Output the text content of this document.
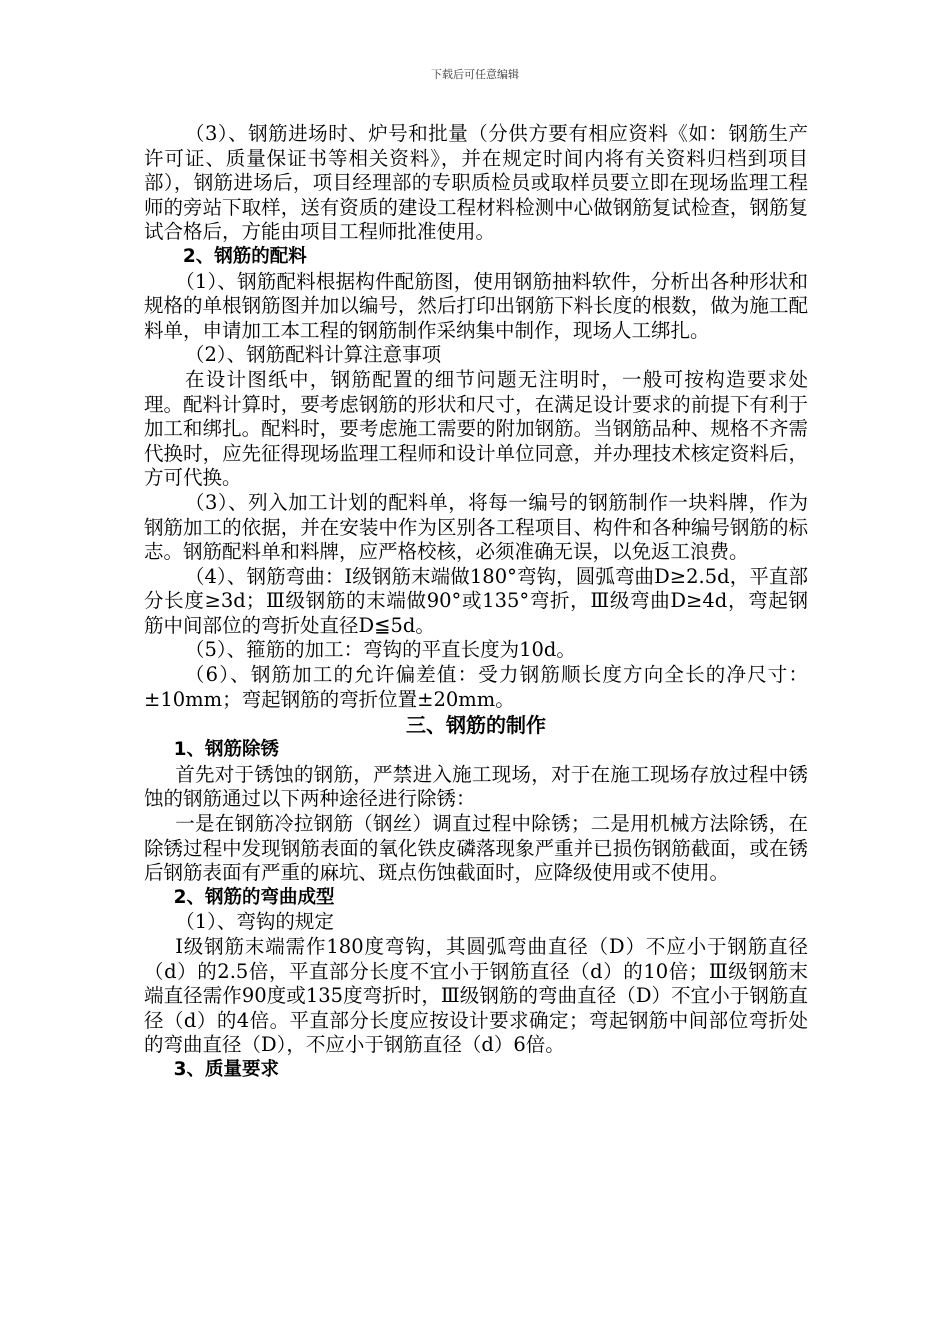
下载后可任意编辑

（3）、钢筋进场时、炉号和批量（分供方要有相应资料《如：钢筋生产许可证、质量保证书等相关资料》，并在规定时间内将有关资料归档到项目部），钢筋进场后，项目经理部的专职质检员或取样员要立即在现场监理工程师的旁站下取样，送有资质的建设工程材料检测中心做钢筋复试检查，钢筋复试合格后，方能由项目工程师批准使用。

2、钢筋的配料

（1）、钢筋配料根据构件配筋图，使用钢筋抽料软件，分析出各种形状和规格的单根钢筋图并加以编号，然后打印出钢筋下料长度的根数，做为施工配料单，申请加工本工程的钢筋制作采纳集中制作，现场人工绑扎。

（2）、钢筋配料计算注意事项

在设计图纸中，钢筋配置的细节问题无注明时，一般可按构造要求处理。配料计算时，要考虑钢筋的形状和尺寸，在满足设计要求的前提下有利于加工和绑扎。配料时，要考虑施工需要的附加钢筋。当钢筋品种、规格不齐需代换时，应先征得现场监理工程师和设计单位同意，并办理技术核定资料后，方可代换。

（3）、列入加工计划的配料单，将每一编号的钢筋制作一块料牌，作为钢筋加工的依据，并在安装中作为区别各工程项目、构件和各种编号钢筋的标志。钢筋配料单和料牌，应严格校核，必须准确无误，以免返工浪费。

（4）、钢筋弯曲：Ⅰ级钢筋末端做180°弯钩，圆弧弯曲D≥2.5d，平直部分长度≥3d；Ⅲ级钢筋的末端做90°或135°弯折，Ⅲ级弯曲D≥4d，弯起钢筋中间部位的弯折处直径D≦5d。

（5）、箍筋的加工：弯钩的平直长度为10d。

（6）、钢筋加工的允许偏差值：受力钢筋顺长度方向全长的净尺寸：±10mm；弯起钢筋的弯折位置±20mm。

三、钢筋的制作

1、钢筋除锈

首先对于锈蚀的钢筋，严禁进入施工现场，对于在施工现场存放过程中锈蚀的钢筋通过以下两种途径进行除锈：

一是在钢筋冷拉钢筋（钢丝）调直过程中除锈；二是用机械方法除锈，在除锈过程中发现钢筋表面的氧化铁皮磷落现象严重并已损伤钢筋截面，或在锈后钢筋表面有严重的麻坑、斑点伤蚀截面时，应降级使用或不使用。

2、钢筋的弯曲成型

（1）、弯钩的规定

I级钢筋末端需作180度弯钩，其圆弧弯曲直径（D）不应小于钢筋直径（d）的2.5倍，平直部分长度不宜小于钢筋直径（d）的10倍；Ⅲ级钢筋末端直径需作90度或135度弯折时，Ⅲ级钢筋的弯曲直径（D）不宜小于钢筋直径（d）的4倍。平直部分长度应按设计要求确定；弯起钢筋中间部位弯折处的弯曲直径（D），不应小于钢筋直径（d）6倍。

3、质量要求
